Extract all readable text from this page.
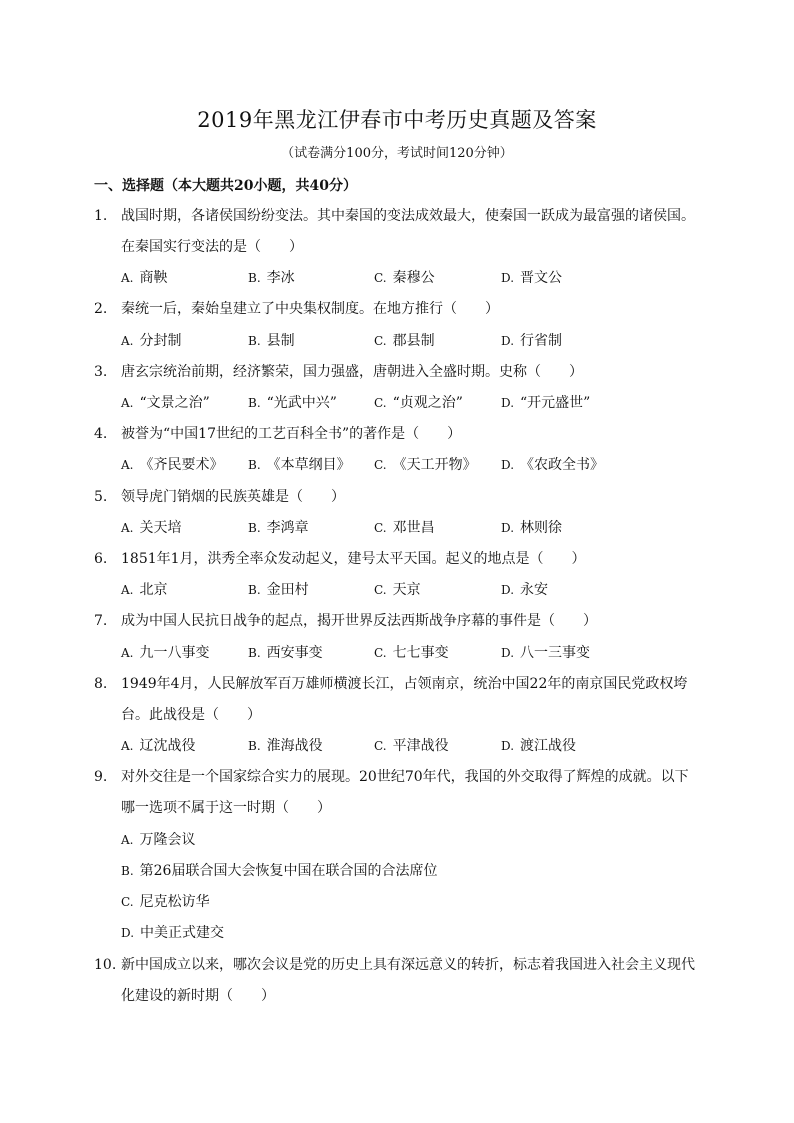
2019年黑龙江伊春市中考历史真题及答案
（试卷满分100分，考试时间120分钟）
一、选择题（本大题共20小题，共40分）
1. 战国时期，各诸侯国纷纷变法。其中秦国的变法成效最大，使秦国一跃成为最富强的诸侯国。
在秦国实行变法的是（　　）
A. 商鞅	B. 李冰	C. 秦穆公	D. 晋文公
2. 秦统一后，秦始皇建立了中央集权制度。在地方推行（　　）
A. 分封制	B. 县制	C. 郡县制	D. 行省制
3. 唐玄宗统治前期，经济繁荣，国力强盛，唐朝进入全盛时期。史称（　　）
A. “文景之治”	B. “光武中兴”	C. “贞观之治”	D. “开元盛世”
4. 被誉为“中国17世纪的工艺百科全书”的著作是（　　）
A. 《齐民要术》 B. 《本草纲目》 C. 《天工开物》 D. 《农政全书》
5. 领导虎门销烟的民族英雄是（　　）
A. 关天培	B. 李鸿章	C. 邓世昌	D. 林则徐
6. 1851年1月，洪秀全率众发动起义，建号太平天国。起义的地点是（　　）
A. 北京	B. 金田村	C. 天京	D. 永安
7. 成为中国人民抗日战争的起点，揭开世界反法西斯战争序幕的事件是（　　）
A. 九一八事变	B. 西安事变	C. 七七事变	D. 八一三事变
8. 1949年4月，人民解放军百万雄师横渡长江，占领南京，统治中国22年的南京国民党政权垮
台。此战役是（　　）
A. 辽沈战役	B. 淮海战役	C. 平津战役	D. 渡江战役
9. 对外交往是一个国家综合实力的展现。20世纪70年代，我国的外交取得了辉煌的成就。以下
哪一选项不属于这一时期（　　）
A. 万隆会议
B. 第26届联合国大会恢复中国在联合国的合法席位
C. 尼克松访华
D. 中美正式建交
10. 新中国成立以来，哪次会议是党的历史上具有深远意义的转折，标志着我国进入社会主义现代
化建设的新时期（　　）
